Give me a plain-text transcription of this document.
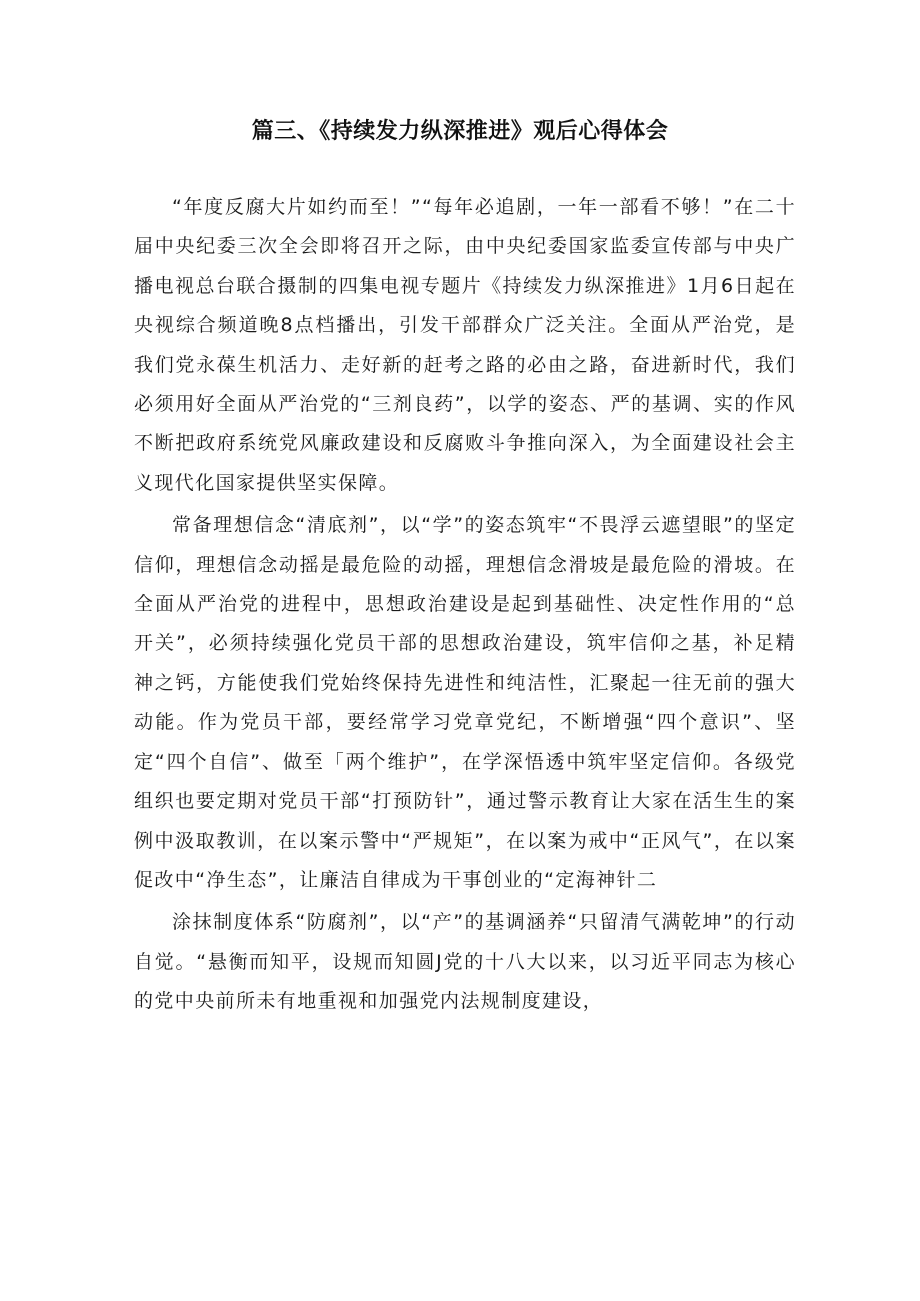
篇三、《持续发力纵深推进》观后心得体会

“年度反腐大片如约而至！”“每年必追剧，一年一部看不够！”在二十届中央纪委三次全会即将召开之际，由中央纪委国家监委宣传部与中央广播电视总台联合摄制的四集电视专题片《持续发力纵深推进》1月6日起在央视综合频道晚8点档播出，引发干部群众广泛关注。全面从严治党，是我们党永葆生机活力、走好新的赶考之路的必由之路，奋进新时代，我们必须用好全面从严治党的“三剂良药”，以学的姿态、严的基调、实的作风不断把政府系统党风廉政建设和反腐败斗争推向深入，为全面建设社会主义现代化国家提供坚实保障。

常备理想信念“清底剂”，以“学”的姿态筑牢“不畏浮云遮望眼”的坚定信仰，理想信念动摇是最危险的动摇，理想信念滑坡是最危险的滑坡。在全面从严治党的进程中，思想政治建设是起到基础性、决定性作用的“总开关”，必须持续强化党员干部的思想政治建设，筑牢信仰之基，补足精神之钙，方能使我们党始终保持先进性和纯洁性，汇聚起一往无前的强大动能。作为党员干部，要经常学习党章党纪，不断增强“四个意识”、坚定“四个自信”、做至「两个维护”，在学深悟透中筑牢坚定信仰。各级党组织也要定期对党员干部“打预防针”，通过警示教育让大家在活生生的案例中汲取教训，在以案示警中“严规矩”，在以案为戒中“正风气”，在以案促改中“净生态”，让廉洁自律成为干事创业的“定海神针二

涂抹制度体系“防腐剂”，以“产”的基调涵养“只留清气满乾坤”的行动自觉。“悬衡而知平，设规而知圆J党的十八大以来，以习近平同志为核心的党中央前所未有地重视和加强党内法规制度建设，
